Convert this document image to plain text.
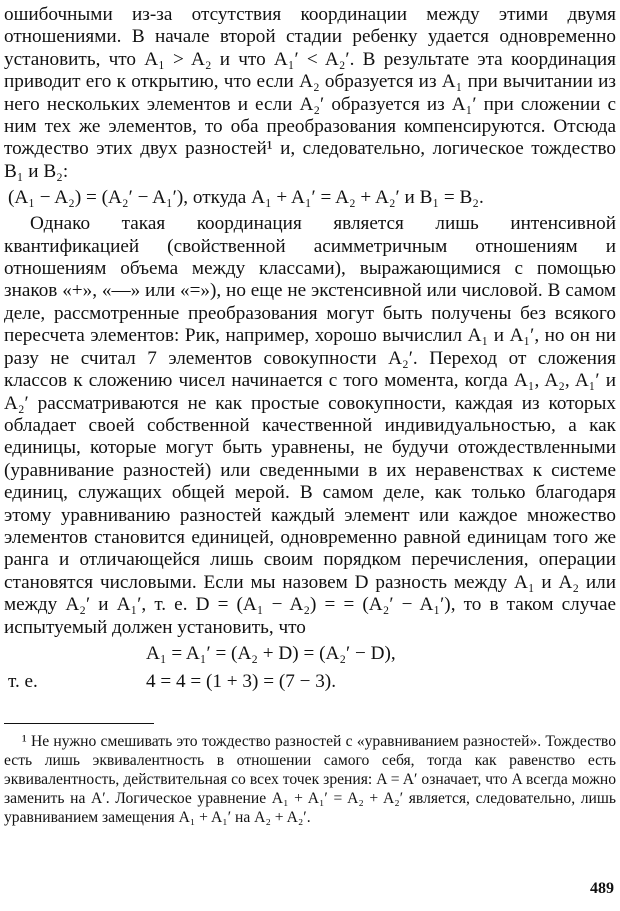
ошибочными из-за отсутствия координации между этими двумя отношениями. В начале второй стадии ребенку удается одновременно установить, что A₁ > A₂ и что A₁′ < A₂′. В результате эта координация приводит его к открытию, что если A₂ образуется из A₁ при вычитании из него нескольких элементов и если A₂′ образуется из A₁′ при сложении с ним тех же элементов, то оба преобразования компенсируются. Отсюда тождество этих двух разностей¹ и, следовательно, логическое тождество B₁ и B₂:

(A₁ − A₂) = (A₂′ − A₁′), откуда A₁ + A₁′ = A₂ + A₂′ и B₁ = B₂.

Однако такая координация является лишь интенсивной квантификацией (свойственной асимметричным отношениям и отношениям объема между классами), выражающимися с помощью знаков «+», «—» или «=»), но еще не экстенсивной или числовой. В самом деле, рассмотренные преобразования могут быть получены без всякого пересчета элементов: Рик, например, хорошо вычислил A₁ и A₁′, но он ни разу не считал 7 элементов совокупности A₂′. Переход от сложения классов к сложению чисел начинается с того момента, когда A₁, A₂, A₁′ и A₂′ рассматриваются не как простые совокупности, каждая из которых обладает своей собственной качественной индивидуальностью, а как единицы, которые могут быть уравнены, не будучи отождествленными (уравнивание разностей) или сведенными в их неравенствах к системе единиц, служащих общей мерой. В самом деле, как только благодаря этому уравниванию разностей каждый элемент или каждое множество элементов становится единицей, одновременно равной единицам того же ранга и отличающейся лишь своим порядком перечисления, операции становятся числовыми. Если мы назовем D разность между A₁ и A₂ или между A₂′ и A₁′, т. е. D = (A₁ − A₂) = = (A₂′ − A₁′), то в таком случае испытуемый должен установить, что

A₁ = A₁′ = (A₂ + D) = (A₂′ − D),
т. е.	4 = 4 = (1 + 3) = (7 − 3).

¹ Не нужно смешивать это тождество разностей с «уравниванием разностей». Тождество есть лишь эквивалентность в отношении самого себя, тогда как равенство есть эквивалентность, действительная со всех точек зрения: A = A′ означает, что A всегда можно заменить на A′. Логическое уравнение A₁ + A₁′ = A₂ + A₂′ является, следовательно, лишь уравниванием замещения A₁ + A₁′ на A₂ + A₂′.

489
